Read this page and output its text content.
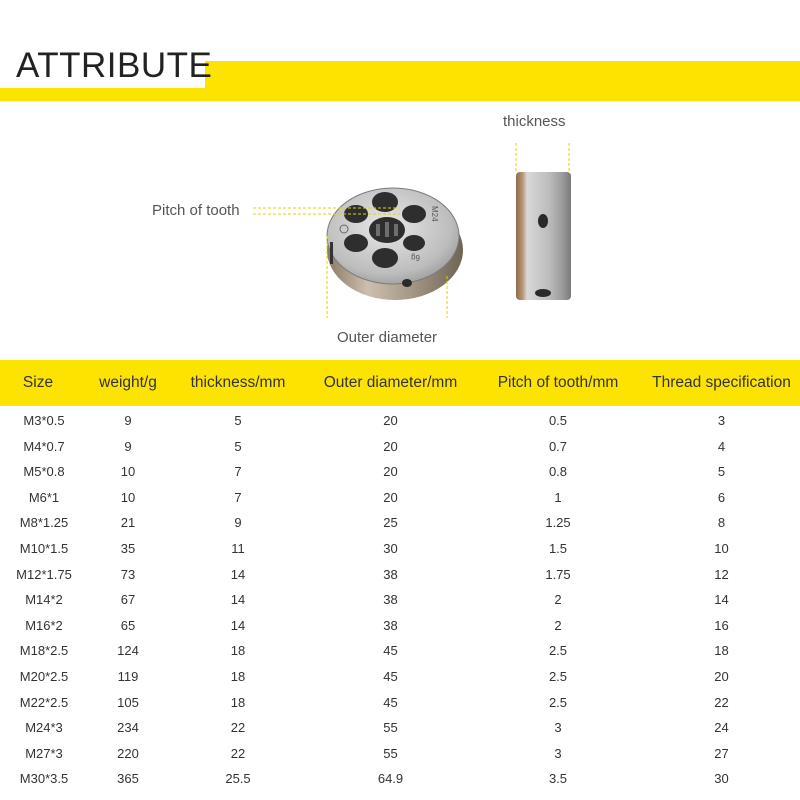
ATTRIBUTE
M24
6g
thickness
Pitch of tooth
Outer diameter
Size	weight/g	thickness/mm	Outer diameter/mm	Pitch of tooth/mm	Thread specification
M3*0.5	9	5	20	0.5	3
M4*0.7	9	5	20	0.7	4
M5*0.8	10	7	20	0.8	5
M6*1	10	7	20	1	6
M8*1.25	21	9	25	1.25	8
M10*1.5	35	11	30	1.5	10
M12*1.75	73	14	38	1.75	12
M14*2	67	14	38	2	14
M16*2	65	14	38	2	16
M18*2.5	124	18	45	2.5	18
M20*2.5	119	18	45	2.5	20
M22*2.5	105	18	45	2.5	22
M24*3	234	22	55	3	24
M27*3	220	22	55	3	27
M30*3.5	365	25.5	64.9	3.5	30
